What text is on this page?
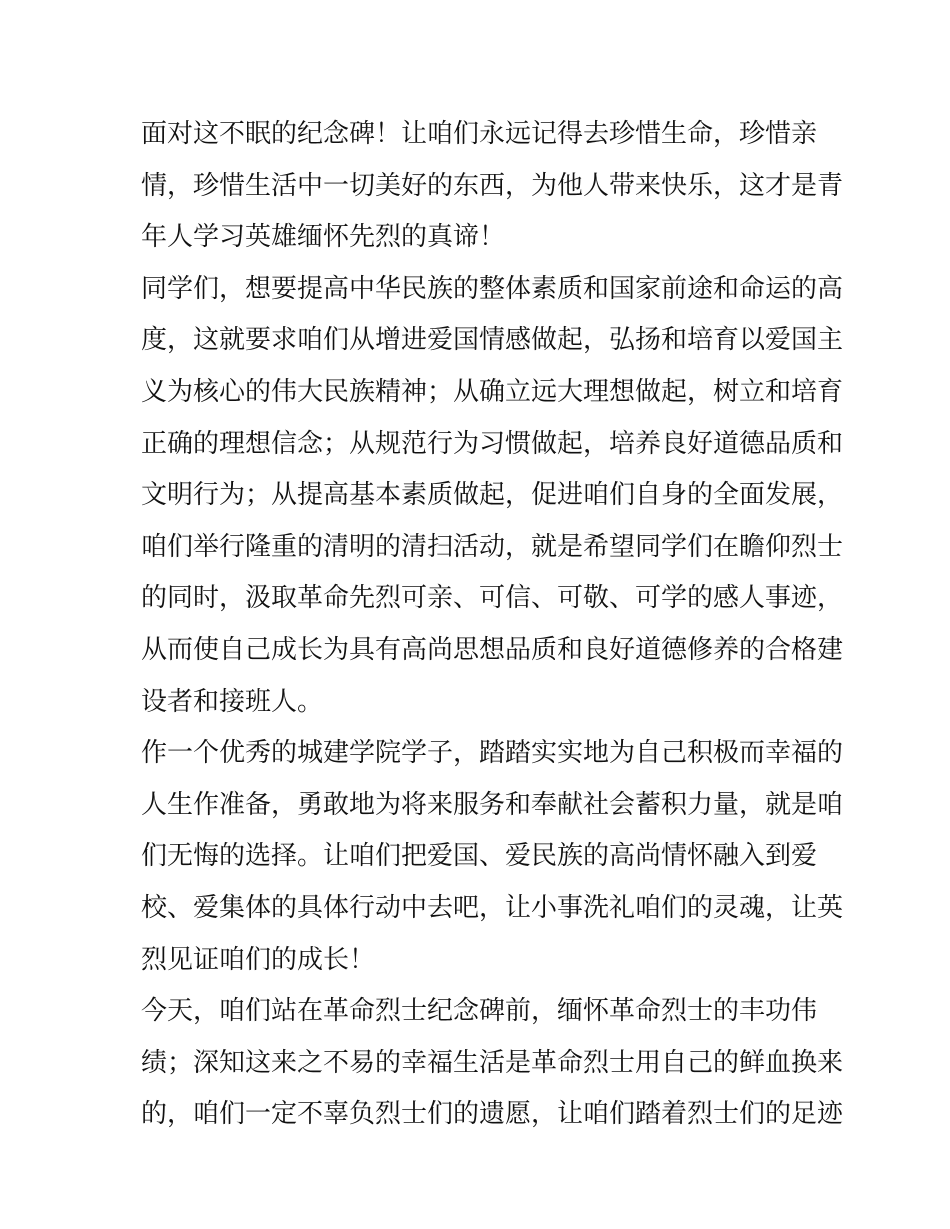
面对这不眠的纪念碑！让咱们永远记得去珍惜生命，珍惜亲
情，珍惜生活中一切美好的东西，为他人带来快乐，这才是青
年人学习英雄缅怀先烈的真谛！
同学们，想要提高中华民族的整体素质和国家前途和命运的高
度，这就要求咱们从增进爱国情感做起，弘扬和培育以爱国主
义为核心的伟大民族精神；从确立远大理想做起，树立和培育
正确的理想信念；从规范行为习惯做起，培养良好道德品质和
文明行为；从提高基本素质做起，促进咱们自身的全面发展，
咱们举行隆重的清明的清扫活动，就是希望同学们在瞻仰烈士
的同时，汲取革命先烈可亲、可信、可敬、可学的感人事迹，
从而使自己成长为具有高尚思想品质和良好道德修养的合格建
设者和接班人。
作一个优秀的城建学院学子，踏踏实实地为自己积极而幸福的
人生作准备，勇敢地为将来服务和奉献社会蓄积力量，就是咱
们无悔的选择。让咱们把爱国、爱民族的高尚情怀融入到爱
校、爱集体的具体行动中去吧，让小事洗礼咱们的灵魂，让英
烈见证咱们的成长！
今天，咱们站在革命烈士纪念碑前，缅怀革命烈士的丰功伟
绩；深知这来之不易的幸福生活是革命烈士用自己的鲜血换来
的，咱们一定不辜负烈士们的遗愿，让咱们踏着烈士们的足迹
